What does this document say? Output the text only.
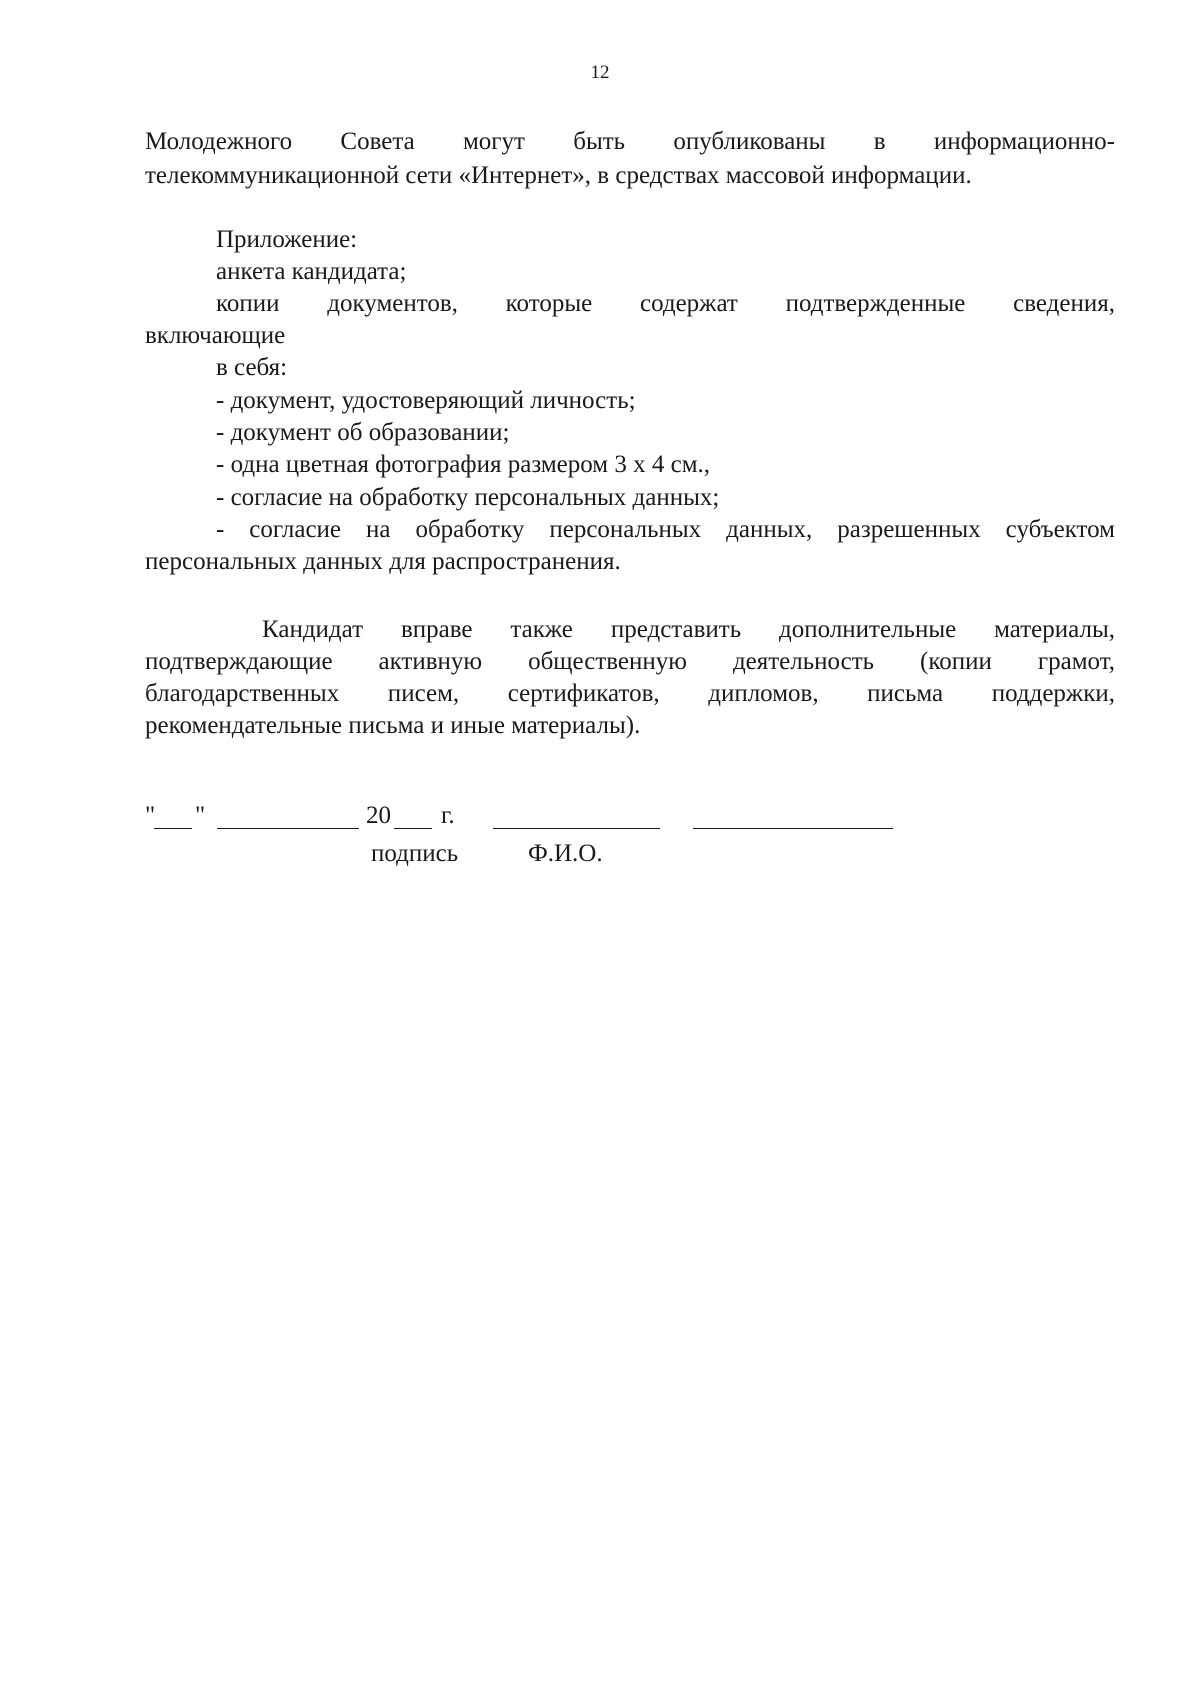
12
Молодежного Совета могут быть опубликованы в информационно-
телекоммуникационной сети «Интернет», в средствах массовой информации.
Приложение:
анкета кандидата;
копии документов, которые содержат подтвержденные сведения,
включающие
в себя:
- документ, удостоверяющий личность;
- документ об образовании;
- одна цветная фотография размером 3 х 4 см.,
- согласие на обработку персональных данных;
- согласие на обработку персональных данных, разрешенных субъектом
персональных данных для распространения.
Кандидат вправе также представить дополнительные материалы,
подтверждающие активную общественную деятельность (копии грамот,
благодарственных писем, сертификатов, дипломов, письма поддержки,
рекомендательные письма и иные материалы).
" "	20 г.
подпись	Ф.И.О.
